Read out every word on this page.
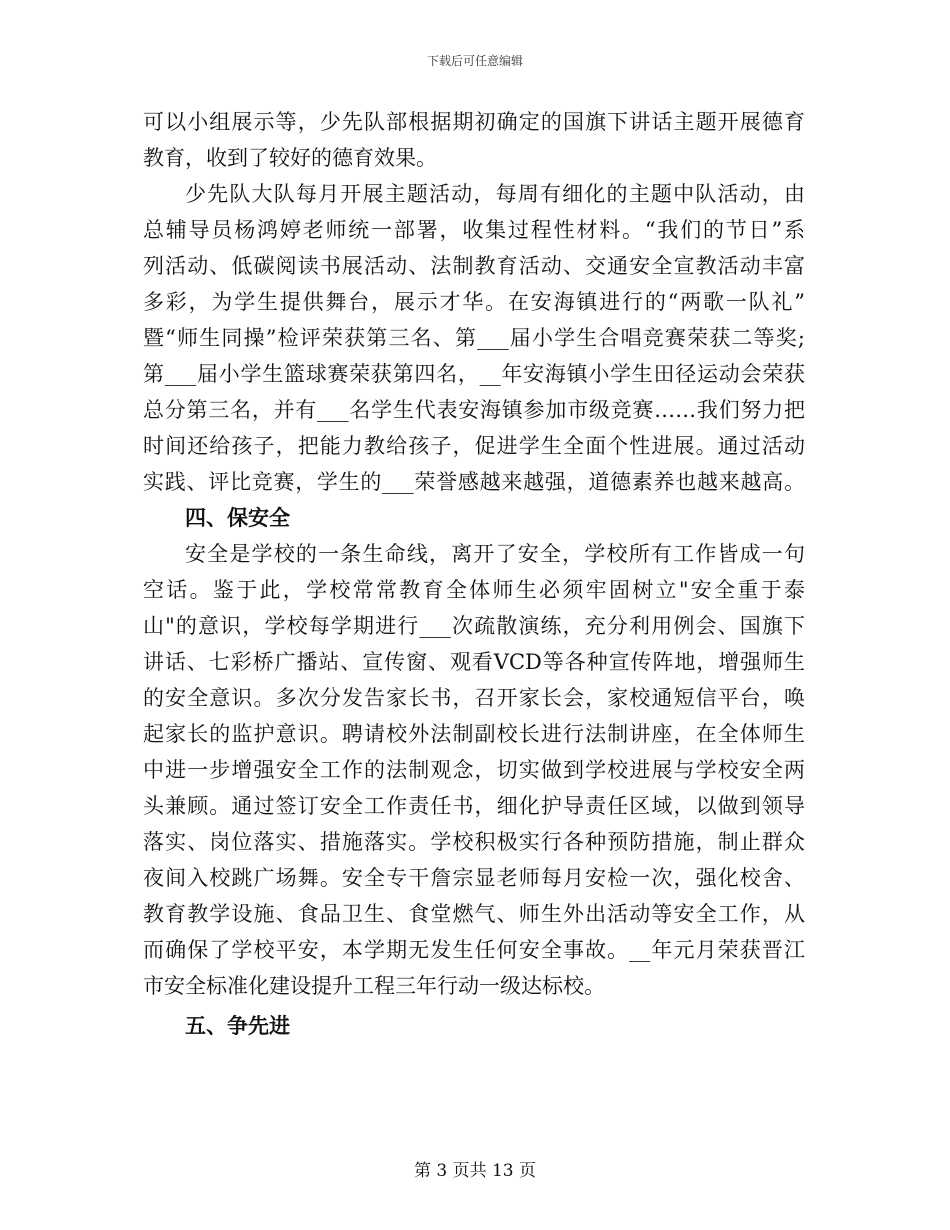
下载后可任意编辑
可以小组展示等，少先队部根据期初确定的国旗下讲话主题开展德育
教育，收到了较好的德育效果。
少先队大队每月开展主题活动，每周有细化的主题中队活动，由
总辅导员杨鸿婷老师统一部署，收集过程性材料。“我们的节日”系
列活动、低碳阅读书展活动、法制教育活动、交通安全宣教活动丰富
多彩，为学生提供舞台，展示才华。在安海镇进行的“两歌一队礼”
暨“师生同操”检评荣获第三名、第___届小学生合唱竞赛荣获二等奖;
第___届小学生篮球赛荣获第四名，__年安海镇小学生田径运动会荣获
总分第三名，并有___名学生代表安海镇参加市级竞赛……我们努力把
时间还给孩子，把能力教给孩子，促进学生全面个性进展。通过活动
实践、评比竞赛，学生的___荣誉感越来越强，道德素养也越来越高。
四、保安全
安全是学校的一条生命线，离开了安全，学校所有工作皆成一句
空话。鉴于此，学校常常教育全体师生必须牢固树立"安全重于泰
山"的意识，学校每学期进行___次疏散演练，充分利用例会、国旗下
讲话、七彩桥广播站、宣传窗、观看VCD等各种宣传阵地，增强师生
的安全意识。多次分发告家长书，召开家长会，家校通短信平台，唤
起家长的监护意识。聘请校外法制副校长进行法制讲座，在全体师生
中进一步增强安全工作的法制观念，切实做到学校进展与学校安全两
头兼顾。通过签订安全工作责任书，细化护导责任区域，以做到领导
落实、岗位落实、措施落实。学校积极实行各种预防措施，制止群众
夜间入校跳广场舞。安全专干詹宗显老师每月安检一次，强化校舍、
教育教学设施、食品卫生、食堂燃气、师生外出活动等安全工作，从
而确保了学校平安，本学期无发生任何安全事故。__年元月荣获晋江
市安全标准化建设提升工程三年行动一级达标校。
五、争先进
第 3 页共 13 页
